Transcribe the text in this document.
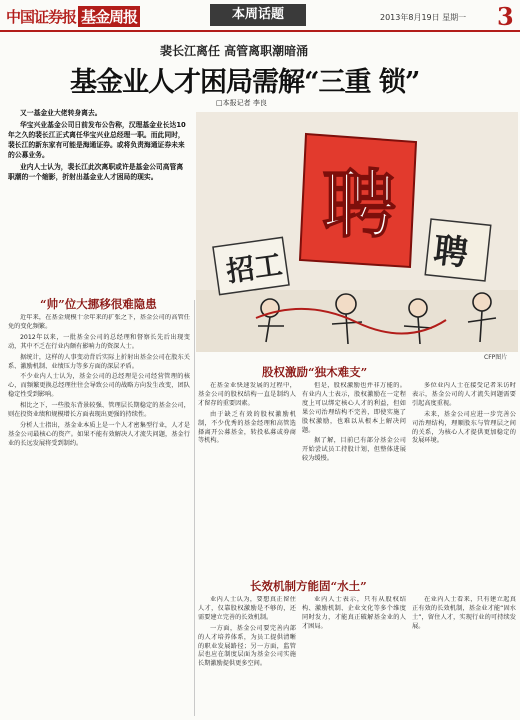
中国证券报 基金周报	本周话题	2013年8月19日 星期一 3
裴长江离任 高管离职潮暗涌
基金业人才困局需解“三重 锁”
□本报记者 李良

又一基金业大佬转身离去。

华宝兴业基金公司日前发布公告称，汉理基金业长达10年之久的裴长江正式离任华宝兴业总经理一职。而此同时，裴长江的新东家有可能是海通证券。或将负责海通证券未来的公募业务。

业内人士认为，裴长江此次离职或许是基金公司高管离职潮的一个缩影，折射出基金业人才困局的现实。

招工
聘
聘
CFP图片
“帅”位大挪移很难隐患

近年来，在基金规模十余年来的扩张之下，基金公司的高管任免的变化频繁。

2012年以来，一批基金公司的总经理和督察长先后出现变动，其中不乏在行业内颇有影响力的资深人士。

据统计，这样的人事变动背后实际上折射出基金公司在股东关系、激励机制、业绩压力等多方面的深层矛盾。

不少业内人士认为，基金公司的总经理是公司经营管理的核心，而频繁更换总经理往往会导致公司的战略方向发生改变，团队稳定性受到影响。

相比之下，一些股东背景较强、管理层长期稳定的基金公司，则在投资业绩和规模增长方面表现出更强的持续性。

分析人士指出，基金业本质上是一个人才密集型行业，人才是基金公司最核心的资产。如果不能有效解决人才流失问题，基金行业的长远发展将受到制约。

股权激励“独木难支”

在基金业快速发展的过程中，基金公司的股权结构一直是制约人才留存的重要因素。

由于缺乏有效的股权激励机制，不少优秀的基金经理和高管选择离开公募基金，转投私募或券商等机构。

但是，股权激励也并非万能的。有业内人士表示，股权激励在一定程度上可以绑定核心人才的利益，但如果公司治理结构不完善，即使实施了股权激励，也难以从根本上解决问题。

据了解，目前已有部分基金公司开始尝试员工持股计划，但整体进展较为缓慢。

多位业内人士在接受记者采访时表示，基金公司的人才流失问题需要引起高度重视。

未来，基金公司应进一步完善公司治理结构，理顺股东与管理层之间的关系，为核心人才提供更加稳定的发展环境。

长效机制方能固“水土”

业内人士认为，要想真正留住人才，仅靠股权激励是不够的，还需要建立完善的长效机制。

一方面，基金公司要完善内部的人才培养体系，为员工提供清晰的职业发展路径；另一方面，监管层也应在制度层面为基金公司实施长期激励提供更多空间。

业内人士表示，只有从股权结构、激励机制、企业文化等多个维度同时发力，才能真正破解基金业的人才困局。

在业内人士看来，只有建立起真正有效的长效机制，基金业才能“固水土”，留住人才，实现行业的可持续发展。
